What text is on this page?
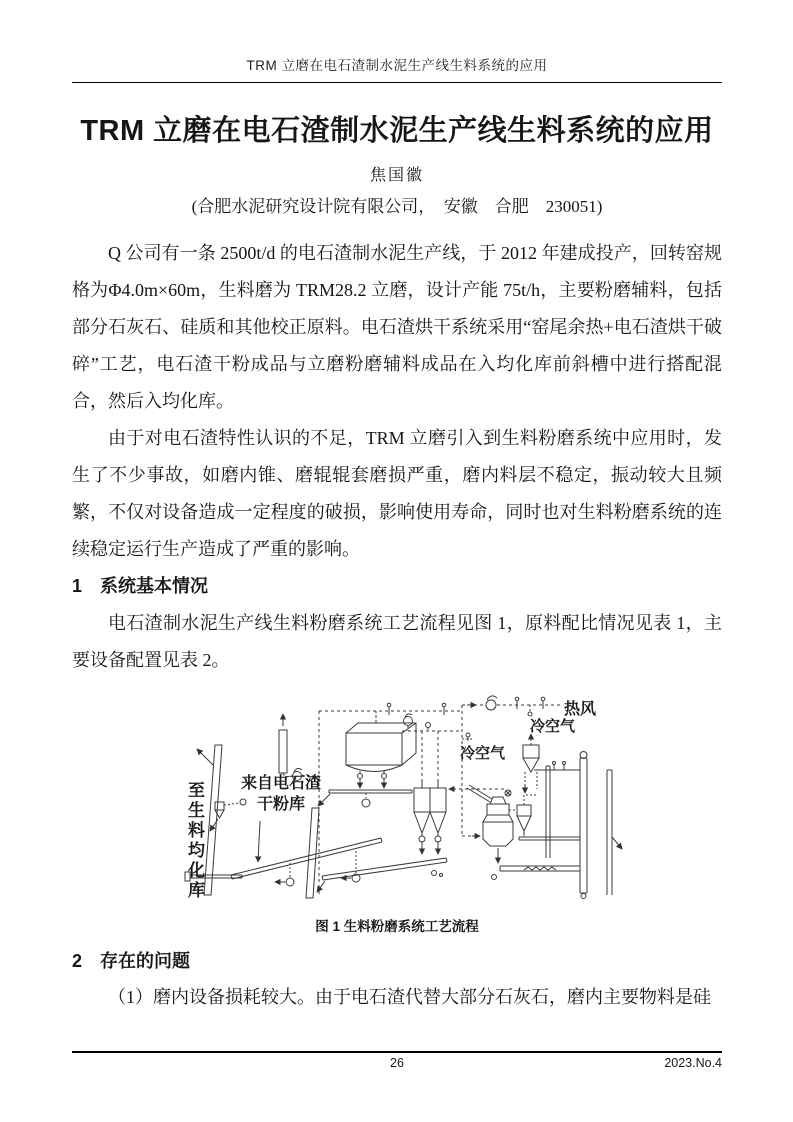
TRM 立磨在电石渣制水泥生产线生料系统的应用
TRM 立磨在电石渣制水泥生产线生料系统的应用
焦国徽
(合肥水泥研究设计院有限公司，　安徽　合肥　230051)

Q 公司有一条 2500t/d 的电石渣制水泥生产线，于 2012 年建成投产，回转窑规格为Φ4.0m×60m，生料磨为 TRM28.2 立磨，设计产能 75t/h，主要粉磨辅料，包括部分石灰石、硅质和其他校正原料。电石渣烘干系统采用“窑尾余热+电石渣烘干破碎”工艺，电石渣干粉成品与立磨粉磨辅料成品在入均化库前斜槽中进行搭配混合，然后入均化库。

由于对电石渣特性认识的不足，TRM 立磨引入到生料粉磨系统中应用时，发生了不少事故，如磨内锥、磨辊辊套磨损严重，磨内料层不稳定，振动较大且频繁，不仅对设备造成一定程度的破损，影响使用寿命，同时也对生料粉磨系统的连续稳定运行生产造成了严重的影响。

1　系统基本情况

电石渣制水泥生产线生料粉磨系统工艺流程见图 1，原料配比情况见表 1，主要设备配置见表 2。

至生料均化库	来自电石渣
干粉库
热风
冷空气
冷空气
图 1 生料粉磨系统工艺流程
2　存在的问题

（1）磨内设备损耗较大。由于电石渣代替大部分石灰石，磨内主要物料是硅

26	2023.No.4
